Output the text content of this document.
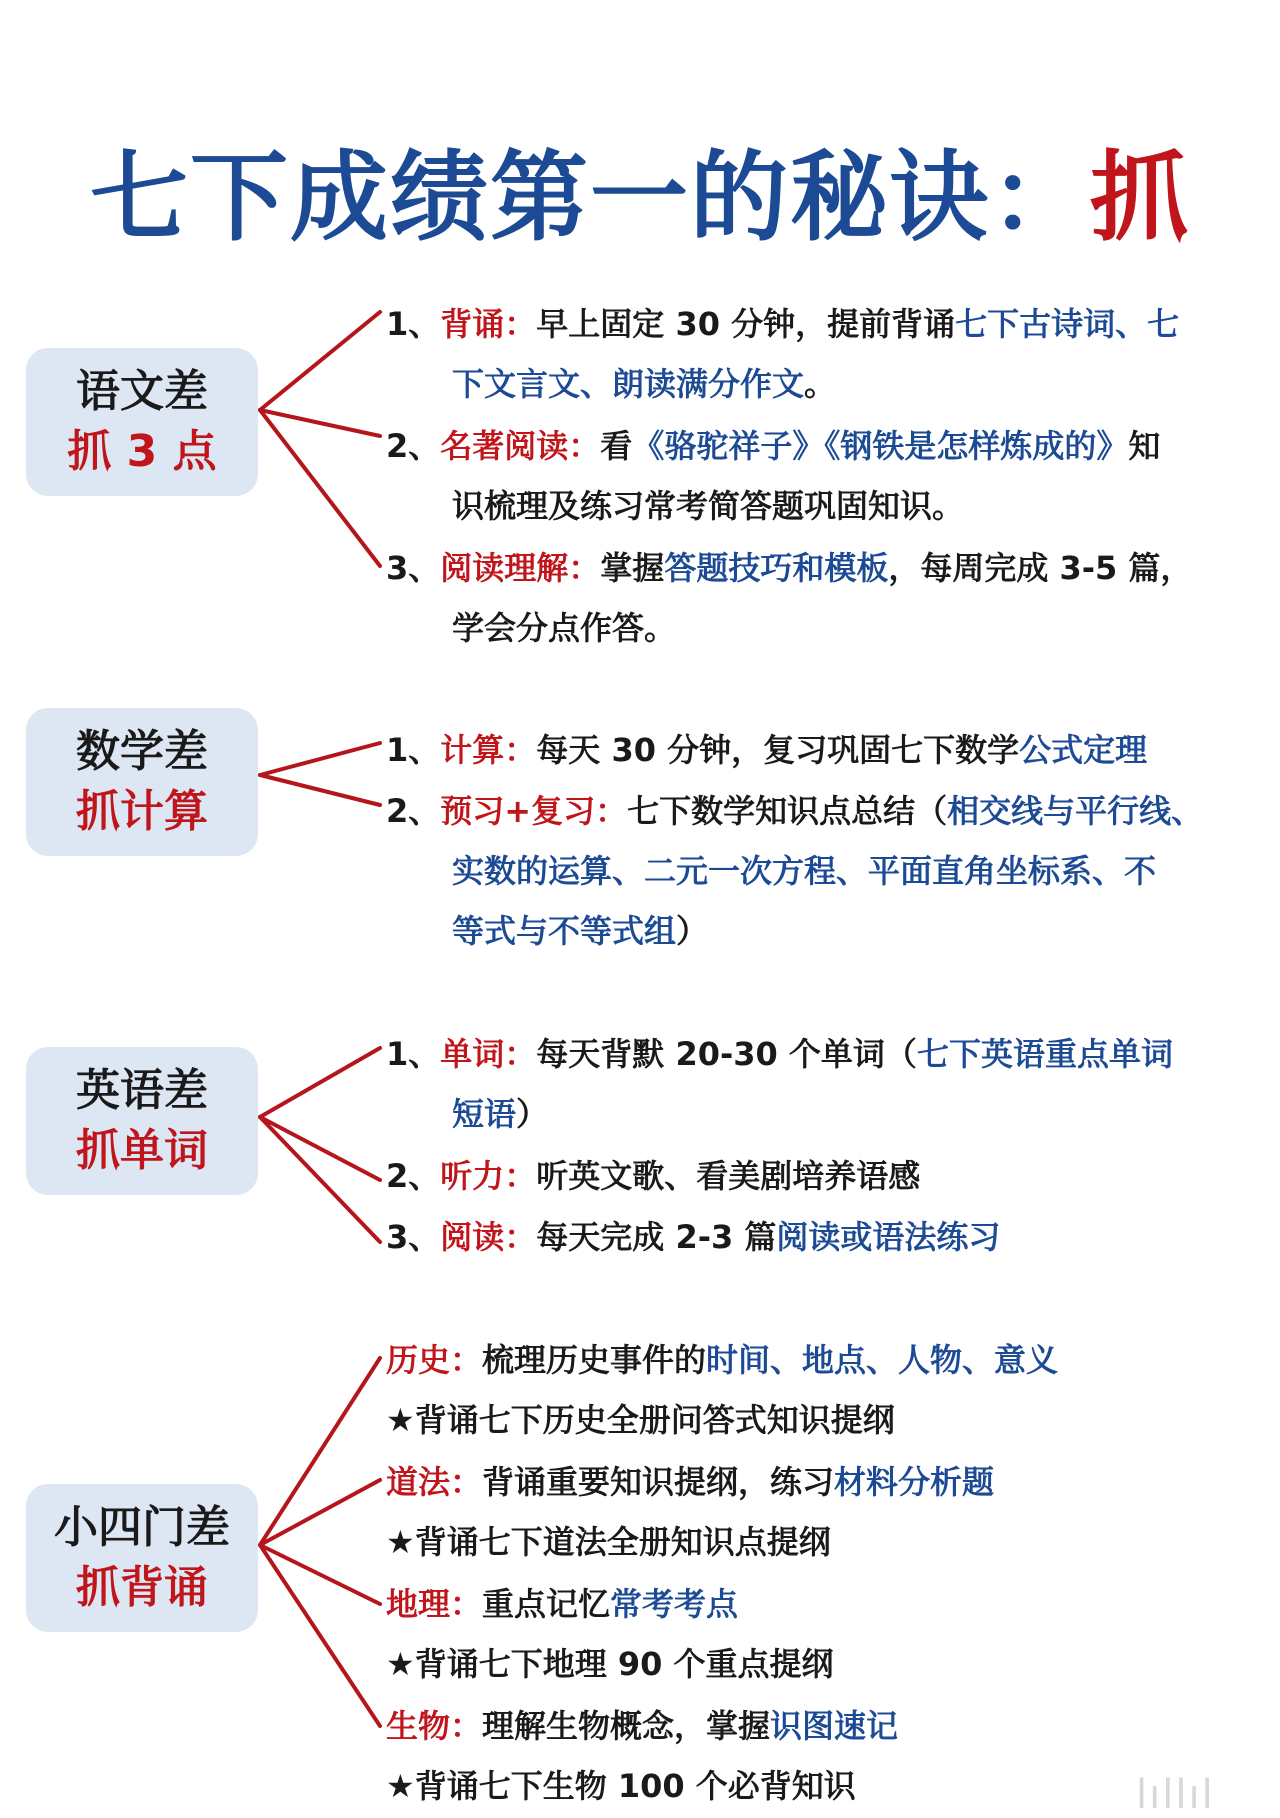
七下成绩第一的秘诀：抓
语文差
抓 3 点
数学差
抓计算
英语差
抓单词
小四门差
抓背诵
1、背诵：早上固定 30 分钟，提前背诵七下古诗词、七
下文言文、朗读满分作文。
2、名著阅读：看《骆驼祥子》《钢铁是怎样炼成的》知
识梳理及练习常考简答题巩固知识。
3、阅读理解：掌握答题技巧和模板，每周完成 3-5 篇，
学会分点作答。
1、计算：每天 30 分钟，复习巩固七下数学公式定理
2、预习+复习：七下数学知识点总结（相交线与平行线、
实数的运算、二元一次方程、平面直角坐标系、不
等式与不等式组）
1、单词：每天背默 20-30 个单词（七下英语重点单词
短语）
2、听力：听英文歌、看美剧培养语感
3、阅读：每天完成 2-3 篇阅读或语法练习
历史：梳理历史事件的时间、地点、人物、意义
★背诵七下历史全册问答式知识提纲
道法：背诵重要知识提纲，练习材料分析题
★背诵七下道法全册知识点提纲
地理：重点记忆常考考点
★背诵七下地理 90 个重点提纲
生物：理解生物概念，掌握识图速记
★背诵七下生物 100 个必背知识	lıllıl
